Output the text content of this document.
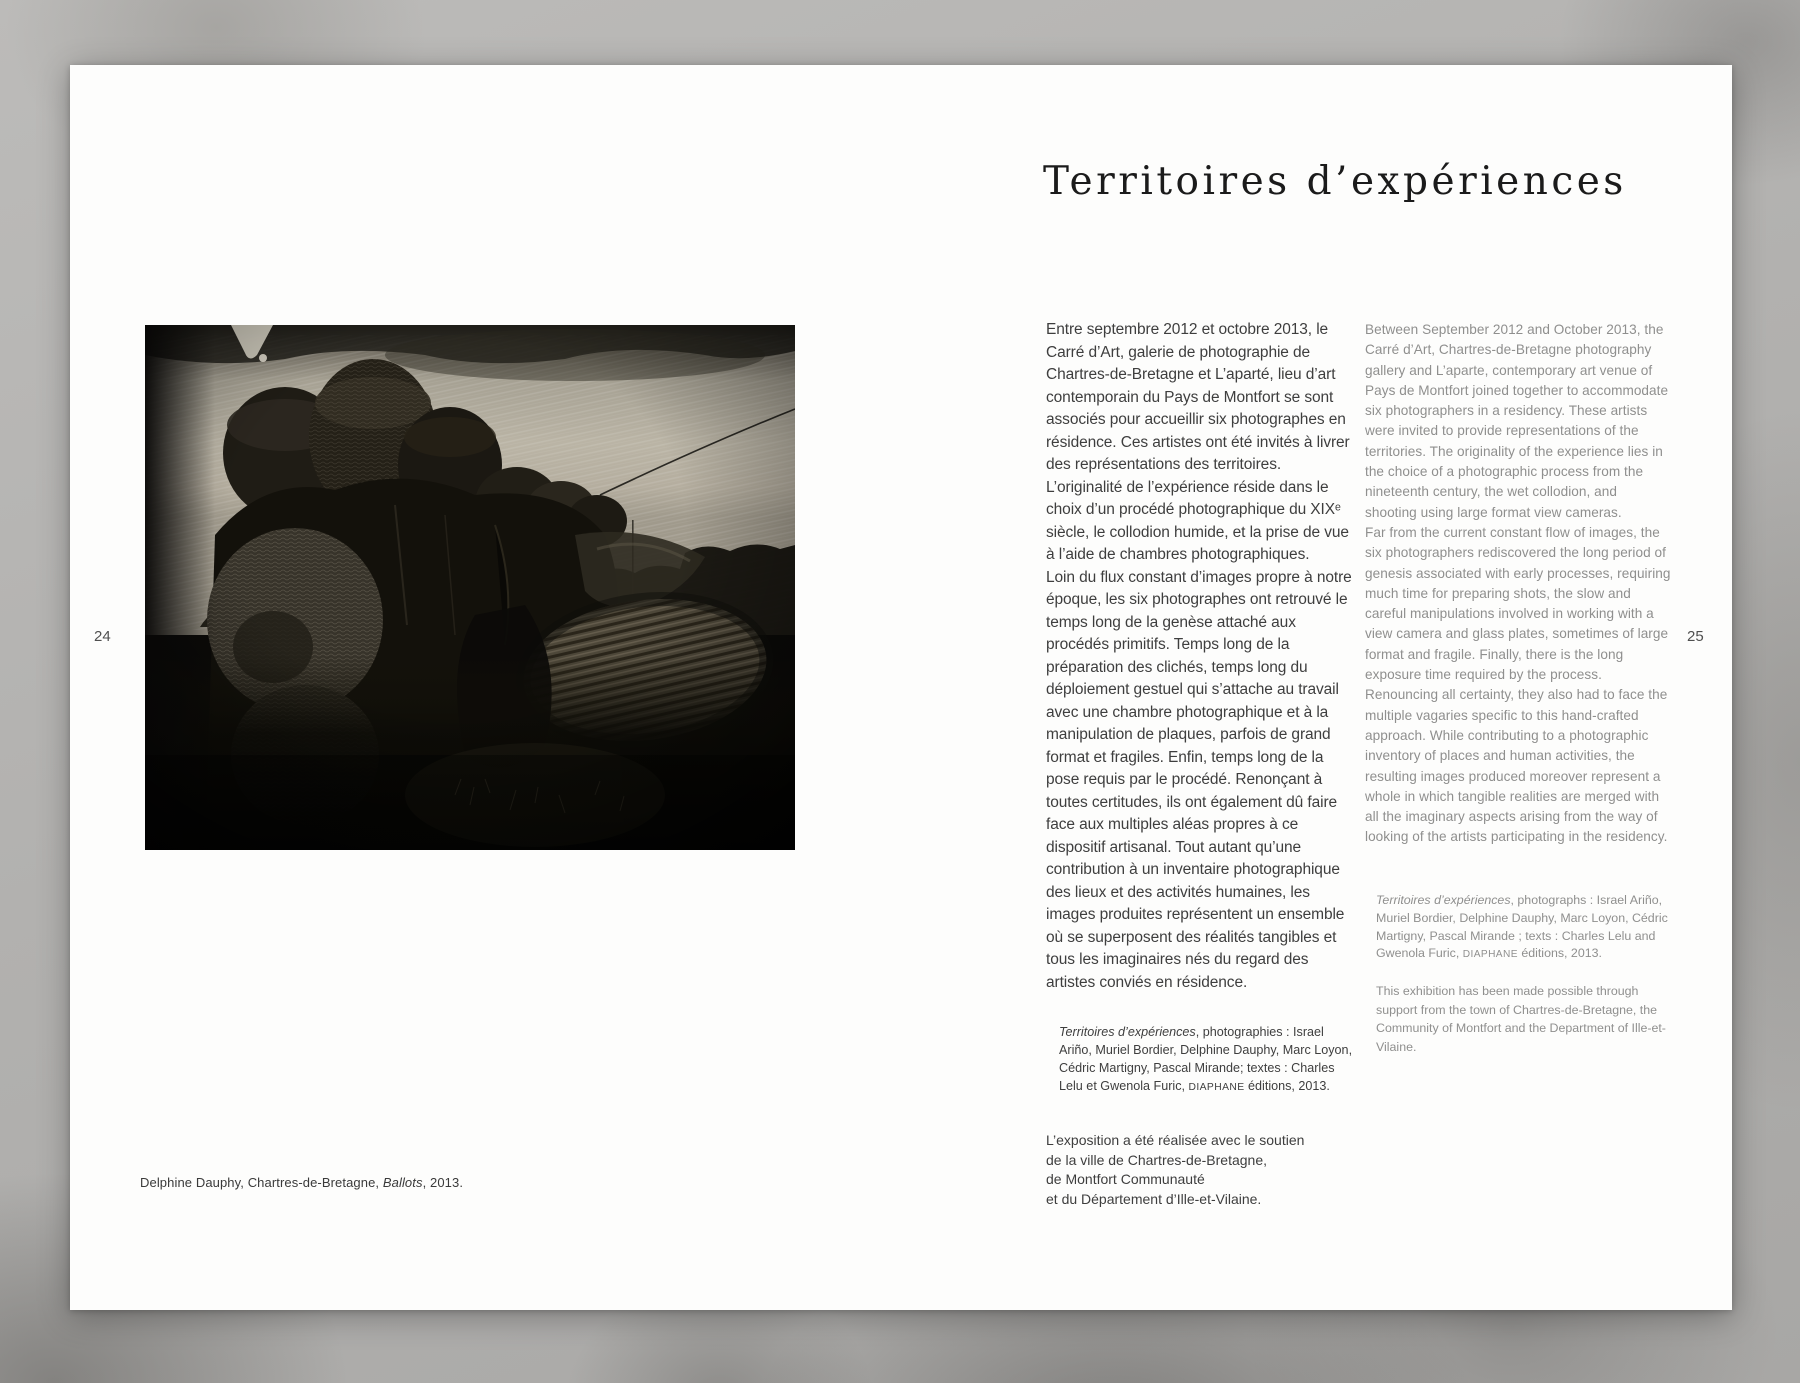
24
Delphine Dauphy, Chartres-de-Bretagne, Ballots, 2013.
25
Territoires d’expériences

Entre septembre 2012 et octobre 2013, le Carré d’Art, galerie de photographie de Chartres-de-Bretagne et L’aparté, lieu d’art contemporain du Pays de Montfort se sont associés pour accueillir six photographes en résidence. Ces artistes ont été invités à livrer des représentations des territoires. L’originalité de l’expérience réside dans le choix d’un procédé photographique du XIXᵉ siècle, le collodion humide, et la prise de vue à l’aide de chambres photographiques.

Loin du flux constant d’images propre à notre époque, les six photographes ont retrouvé le temps long de la genèse attaché aux procédés primitifs. Temps long de la préparation des clichés, temps long du déploiement gestuel qui s’attache au travail avec une chambre photographique et à la manipulation de plaques, parfois de grand format et fragiles. Enfin, temps long de la pose requis par le procédé. Renonçant à toutes certitudes, ils ont également dû faire face aux multiples aléas propres à ce dispositif artisanal. Tout autant qu’une contribution à un inventaire photographique des lieux et des activités humaines, les images produites représentent un ensemble où se superposent des réalités tangibles et tous les imaginaires nés du regard des artistes conviés en résidence.

Territoires d’expériences, photographies : Israel Ariño, Muriel Bordier, Delphine Dauphy, Marc Loyon, Cédric Martigny, Pascal Mirande; textes : Charles Lelu et Gwenola Furic, DIAPHANE éditions, 2013.
L’exposition a été réalisée avec le soutien
de la ville de Chartres-de-Bretagne,
de Montfort Communauté
et du Département d’Ille-et-Vilaine.

Between September 2012 and October 2013, the Carré d’Art, Chartres-de-Bretagne photography gallery and L’aparte, contemporary art venue of Pays de Montfort joined together to accommodate six photographers in a residency. These artists were invited to provide representations of the territories. The originality of the experience lies in the choice of a photographic process from the nineteenth century, the wet collodion, and shooting using large format view cameras.

Far from the current constant flow of images, the six photographers rediscovered the long period of genesis associated with early processes, requiring much time for preparing shots, the slow and careful manipulations involved in working with a view camera and glass plates, sometimes of large format and fragile. Finally, there is the long exposure time required by the process. Renouncing all certainty, they also had to face the multiple vagaries specific to this hand-crafted approach. While contributing to a photographic inventory of places and human activities, the resulting images produced moreover represent a whole in which tangible realities are merged with all the imaginary aspects arising from the way of looking of the artists participating in the residency.

Territoires d’expériences, photographs : Israel Ariño, Muriel Bordier, Delphine Dauphy, Marc Loyon, Cédric Martigny, Pascal Mirande ; texts : Charles Lelu and Gwenola Furic, DIAPHANE éditions, 2013.
This exhibition has been made possible through support from the town of Chartres-de-Bretagne, the Community of Montfort and the Department of Ille-et-Vilaine.
